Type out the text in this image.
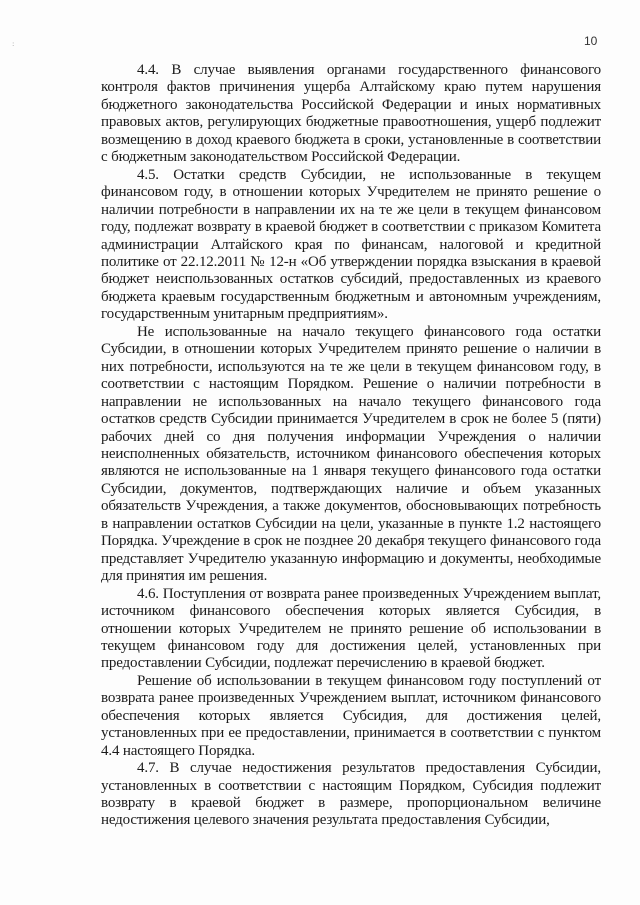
:	10

4.4. В случае выявления органами государственного финансового контроля фактов причинения ущерба Алтайскому краю путем нарушения бюджетного законодательства Российской Федерации и иных нормативных правовых актов, регулирующих бюджетные правоотношения, ущерб подлежит возмещению в доход краевого бюджета в сроки, установленные в соответствии с бюджетным законодательством Российской Федерации.

4.5. Остатки средств Субсидии, не использованные в текущем финансовом году, в отношении которых Учредителем не принято решение о наличии потребности в направлении их на те же цели в текущем финансовом году, подлежат возврату в краевой бюджет в соответствии с приказом Комитета администрации Алтайского края по финансам, налоговой и кредитной политике от 22.12.2011 № 12-н «Об утверждении порядка взыскания в краевой бюджет неиспользованных остатков субсидий, предоставленных из краевого бюджета краевым государственным бюджетным и автономным учреждениям, государственным унитарным предприятиям».

Не использованные на начало текущего финансового года остатки Субсидии, в отношении которых Учредителем принято решение о наличии в них потребности, используются на те же цели в текущем финансовом году, в соответствии с настоящим Порядком. Решение о наличии потребности в направлении не использованных на начало текущего финансового года остатков средств Субсидии принимается Учредителем в срок не более 5 (пяти) рабочих дней со дня получения информации Учреждения о наличии неисполненных обязательств, источником финансового обеспечения которых являются не использованные на 1 января текущего финансового года остатки Субсидии, документов, подтверждающих наличие и объем указанных обязательств Учреждения, а также документов, обосновывающих потребность в направлении остатков Субсидии на цели, указанные в пункте 1.2 настоящего Порядка. Учреждение в срок не позднее 20 декабря текущего финансового года представляет Учредителю указанную информацию и документы, необходимые для принятия им решения.

4.6. Поступления от возврата ранее произведенных Учреждением выплат, источником финансового обеспечения которых является Субсидия, в отношении которых Учредителем не принято решение об использовании в текущем финансовом году для достижения целей, установленных при предоставлении Субсидии, подлежат перечислению в краевой бюджет.

Решение об использовании в текущем финансовом году поступлений от возврата ранее произведенных Учреждением выплат, источником финансового обеспечения которых является Субсидия, для достижения целей, установленных при ее предоставлении, принимается в соответствии с пунктом 4.4 настоящего Порядка.

4.7. В случае недостижения результатов предоставления Субсидии, установленных в соответствии с настоящим Порядком, Субсидия подлежит возврату в краевой бюджет в размере, пропорциональном величине недостижения целевого значения результата предоставления Субсидии,
